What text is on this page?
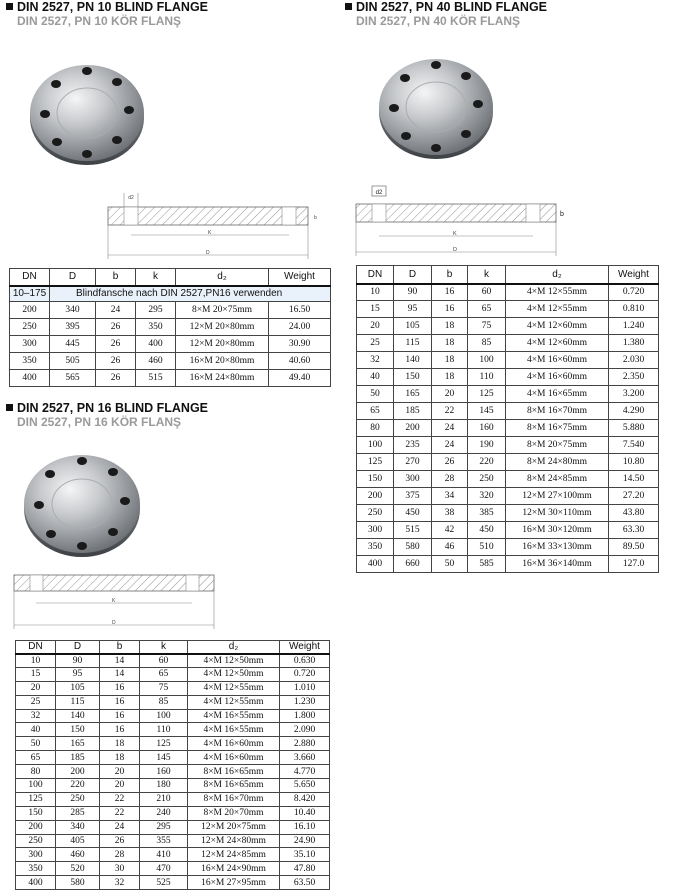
DIN 2527, PN 10 BLIND FLANGE
DIN 2527, PN 10 KÖR FLANŞ
d2
b
K
D
DN	D	b	k	d₂	Weight
10–175	Blindfansche nach DIN 2527,PN16 verwenden				
200	340	24	295	8×M 20×75mm	16.50
250	395	26	350	12×M 20×80mm	24.00
300	445	26	400	12×M 20×80mm	30.90
350	505	26	460	16×M 20×80mm	40.60
400	565	26	515	16×M 24×80mm	49.40
DIN 2527, PN 16 BLIND FLANGE
DIN 2527, PN 16 KÖR FLANŞ
K
D
DN	D	b	k	d₂	Weight
10	90	14	60	4×M 12×50mm	0.630
15	95	14	65	4×M 12×50mm	0.720
20	105	16	75	4×M 12×55mm	1.010
25	115	16	85	4×M 12×55mm	1.230
32	140	16	100	4×M 16×55mm	1.800
40	150	16	110	4×M 16×55mm	2.090
50	165	18	125	4×M 16×60mm	2.880
65	185	18	145	4×M 16×60mm	3.660
80	200	20	160	8×M 16×65mm	4.770
100	220	20	180	8×M 16×65mm	5.650
125	250	22	210	8×M 16×70mm	8.420
150	285	22	240	8×M 20×70mm	10.40
200	340	24	295	12×M 20×75mm	16.10
250	405	26	355	12×M 24×80mm	24.90
300	460	28	410	12×M 24×85mm	35.10
350	520	30	470	16×M 24×90mm	47.80
400	580	32	525	16×M 27×95mm	63.50
DIN 2527, PN 40 BLIND FLANGE
DIN 2527, PN 40 KÖR FLANŞ
d2
b
K
D
DN	D	b	k	d₂	Weight
10	90	16	60	4×M 12×55mm	0.720
15	95	16	65	4×M 12×55mm	0.810
20	105	18	75	4×M 12×60mm	1.240
25	115	18	85	4×M 12×60mm	1.380
32	140	18	100	4×M 16×60mm	2.030
40	150	18	110	4×M 16×60mm	2.350
50	165	20	125	4×M 16×65mm	3.200
65	185	22	145	8×M 16×70mm	4.290
80	200	24	160	8×M 16×75mm	5.880
100	235	24	190	8×M 20×75mm	7.540
125	270	26	220	8×M 24×80mm	10.80
150	300	28	250	8×M 24×85mm	14.50
200	375	34	320	12×M 27×100mm	27.20
250	450	38	385	12×M 30×110mm	43.80
300	515	42	450	16×M 30×120mm	63.30
350	580	46	510	16×M 33×130mm	89.50
400	660	50	585	16×M 36×140mm	127.0
